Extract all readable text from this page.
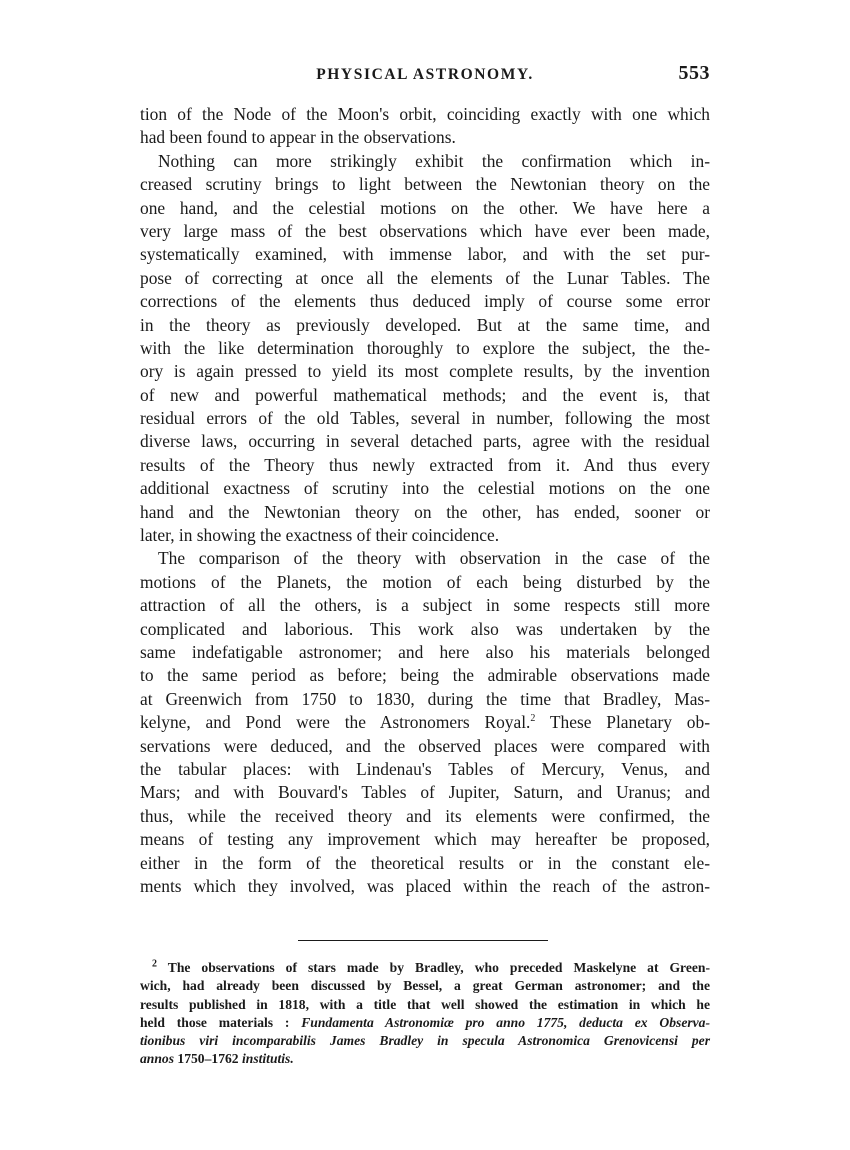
PHYSICAL ASTRONOMY.	553
tion of the Node of the Moon's orbit, coinciding exactly with one which
had been found to appear in the observations.
Nothing can more strikingly exhibit the confirmation which in-
creased scrutiny brings to light between the Newtonian theory on the
one hand, and the celestial motions on the other. We have here a
very large mass of the best observations which have ever been made,
systematically examined, with immense labor, and with the set pur-
pose of correcting at once all the elements of the Lunar Tables. The
corrections of the elements thus deduced imply of course some error
in the theory as previously developed. But at the same time, and
with the like determination thoroughly to explore the subject, the the-
ory is again pressed to yield its most complete results, by the invention
of new and powerful mathematical methods; and the event is, that
residual errors of the old Tables, several in number, following the most
diverse laws, occurring in several detached parts, agree with the residual
results of the Theory thus newly extracted from it. And thus every
additional exactness of scrutiny into the celestial motions on the one
hand and the Newtonian theory on the other, has ended, sooner or
later, in showing the exactness of their coincidence.
The comparison of the theory with observation in the case of the
motions of the Planets, the motion of each being disturbed by the
attraction of all the others, is a subject in some respects still more
complicated and laborious. This work also was undertaken by the
same indefatigable astronomer; and here also his materials belonged
to the same period as before; being the admirable observations made
at Greenwich from 1750 to 1830, during the time that Bradley, Mas-
kelyne, and Pond were the Astronomers Royal.$^2$ These Planetary ob-
servations were deduced, and the observed places were compared with
the tabular places: with Lindenau's Tables of Mercury, Venus, and
Mars; and with Bouvard's Tables of Jupiter, Saturn, and Uranus; and
thus, while the received theory and its elements were confirmed, the
means of testing any improvement which may hereafter be proposed,
either in the form of the theoretical results or in the constant ele-
ments which they involved, was placed within the reach of the astron-
$^2$ The observations of stars made by Bradley, who preceded Maskelyne at Green-
wich, had already been discussed by Bessel, a great German astronomer; and the
results published in 1818, with a title that well showed the estimation in which he
held those materials : Fundamenta Astronomiæ pro anno 1775, deducta ex Observa-
tionibus viri incomparabilis James Bradley in specula Astronomica Grenovicensi per
annos 1750–1762 institutis.
